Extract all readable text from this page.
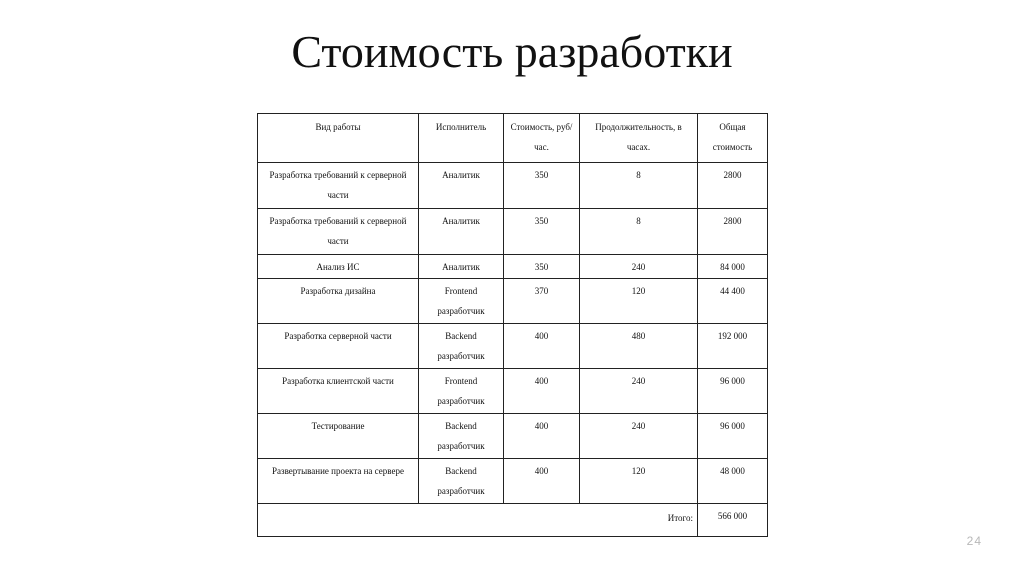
Стоимость разработки
Вид работы	Исполнитель	Стоимость, руб/час.	Продолжительность, в часах.	Общая стоимость
Разработка требований к серверной части	Аналитик	350	8	2800
Разработка требований к серверной части	Аналитик	350	8	2800
Анализ ИС	Аналитик	350	240	84 000
Разработка дизайна	Frontend разработчик	370	120	44 400
Разработка серверной части	Backend разработчик	400	480	192 000
Разработка клиентской части	Frontend разработчик	400	240	96 000
Тестирование	Backend разработчик	400	240	96 000
Развертывание проекта на сервере	Backend разработчик	400	120	48 000
Итого:				566 000
24
